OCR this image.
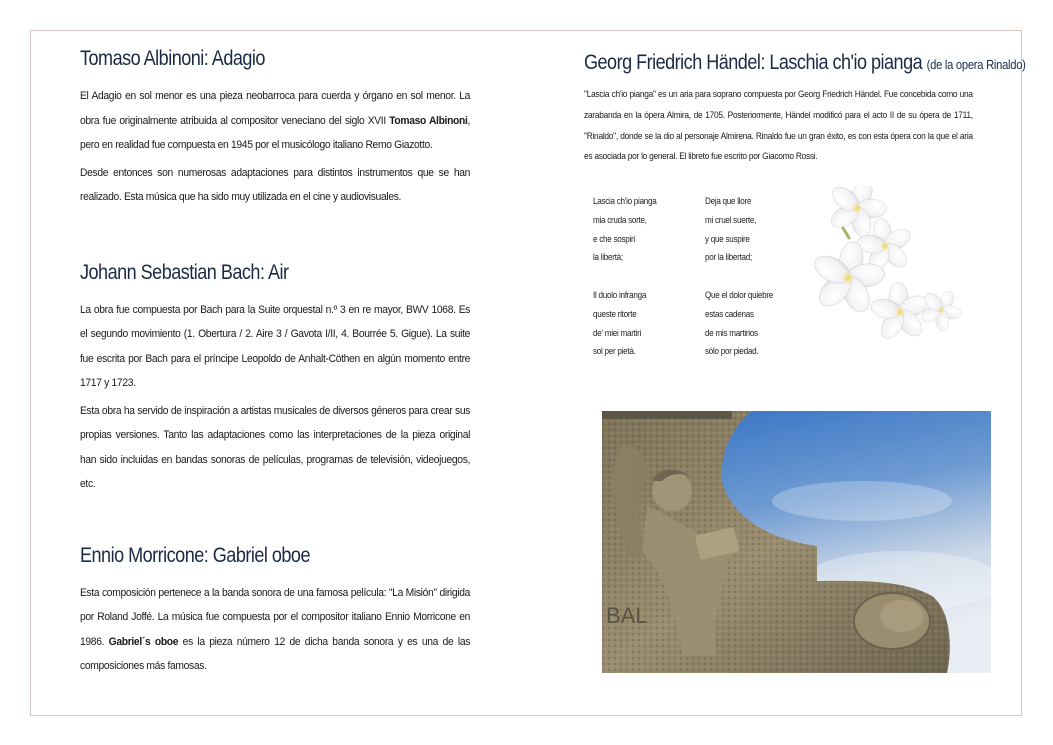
Tomaso Albinoni: Adagio

El Adagio en sol menor es una pieza neobarroca para cuerda y órgano en sol menor. La obra fue originalmente atribuida al compositor veneciano del siglo XVII Tomaso Albinoni, pero en realidad fue compuesta en 1945 por el musicólogo italiano Remo Giazotto.

Desde entonces son numerosas adaptaciones para distintos instrumentos que se han realizado. Esta música que ha sido muy utilizada en el cine y audiovisuales.

Johann Sebastian Bach: Air

La obra fue compuesta por Bach para la Suite orquestal n.º 3 en re mayor, BWV 1068. Es el segundo movimiento (1. Obertura / 2. Aire 3 / Gavota I/II, 4. Bourrée 5. Gigue). La suite fue escrita por Bach para el príncipe Leopoldo de Anhalt-Cöthen en algún momento entre 1717 y 1723.

Esta obra ha servido de inspiración a artistas musicales de diversos géneros para crear sus propias versiones. Tanto las adaptaciones como las interpretaciones de la pieza original han sido incluidas en bandas sonoras de películas, programas de televisión, videojuegos, etc.

Ennio Morricone: Gabriel oboe

Esta composición pertenece a la banda sonora de una famosa película: "La Misión" dirigida por Roland Joffé. La música fue compuesta por el compositor italiano Ennio Morricone en 1986. Gabriel´s oboe es la pieza número 12 de dicha banda sonora y es una de las composiciones más famosas.

Georg Friedrich Händel: Laschia ch'io pianga (de la opera Rinaldo)

"Lascia ch'io pianga" es un aria para soprano compuesta por Georg Friedrich Händel. Fue concebida como una zarabanda en la ópera Almira, de 1705. Posteriormente, Händel modificó para el acto II de su ópera de 1711, "Rinaldo", donde se la dio al personaje Almirena. Rinaldo fue un gran éxito, es con esta ópera con la que el aria es asociada por lo general. El libreto fue escrito por Giacomo Rossi.

Lascia ch'io pianga
mia cruda sorte,
e che sospiri
la libertà;
Il duolo infranga
queste ritorte
de' miei martiri
sol per pietà.
Deja que llore
mi cruel suerte,
y que suspire
por la libertad;
Que el dolor quiebre
estas cadenas
de mis martirios
sólo por piedad.
BAL
